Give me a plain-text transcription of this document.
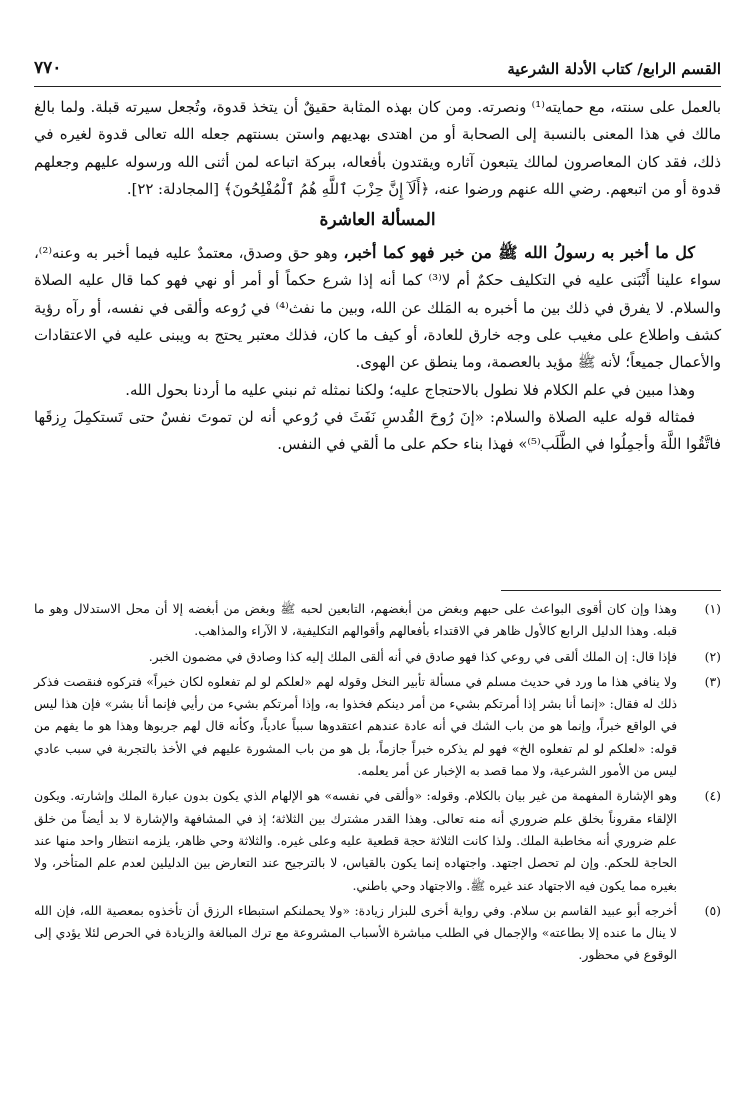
القسم الرابع/ كتاب الأدلة الشرعية
٧٧٠

بالعمل على سنته، مع حمايته⁽¹⁾ ونصرته. ومن كان بهذه المثابة حقيقٌ أن يتخذ قدوة، وتُجعل سيرته قبلة. ولما بالغ مالك في هذا المعنى بالنسبة إلى الصحابة أو من اهتدى بهديهم واستن بسنتهم جعله الله تعالى قدوة لغيره في ذلك، فقد كان المعاصرون لمالك يتبعون آثاره ويقتدون بأفعاله، ببركة اتباعه لمن أثنى الله ورسوله عليهم وجعلهم قدوة أو من اتبعهم. رضي الله عنهم ورضوا عنه، ﴿أَلَآ إِنَّ حِزْبَ ٱللَّهِ هُمُ ٱلْمُفْلِحُونَ﴾ [المجادلة: ٢٢].

المسألة العاشرة

كل ما أخبر به رسولُ الله ﷺ من خبر فهو كما أخبر، وهو حق وصدق، معتمدٌ عليه فيما أخبر به وعنه⁽²⁾، سواء علينا أَنْبَنى عليه في التكليف حكمٌ أم لا⁽³⁾ كما أنه إذا شرع حكماً أو أمر أو نهي فهو كما قال عليه الصلاة والسلام. لا يفرق في ذلك بين ما أخبره به المَلك عن الله، وبين ما نفث⁽⁴⁾ في رُوعه وألقى في نفسه، أو رآه رؤية كشف واطلاع على مغيب على وجه خارق للعادة، أو كيف ما كان، فذلك معتبر يحتج به ويبنى عليه في الاعتقادات والأعمال جميعاً؛ لأنه ﷺ مؤيد بالعصمة، وما ينطق عن الهوى.

وهذا مبين في علم الكلام فلا نطول بالاحتجاج عليه؛ ولكنا نمثله ثم نبني عليه ما أردنا بحول الله.

فمثاله قوله عليه الصلاة والسلام: «إنَ رُوحَ القُدسِ نَفَثَ في رُوعي أنه لن تموتَ نفسٌ حتى تَستكمِلَ رِزقَها فاتَّقُوا اللَّهَ وأجمِلُوا في الطَّلَب⁽⁵⁾» فهذا بناء حكم على ما ألقي في النفس.

(١)
وهذا وإن كان أقوى البواعث على حبهم وبغض من أبغضهم، التابعين لحبه ﷺ وبغض من أبغضه إلا أن محل الاستدلال وهو ما قبله. وهذا الدليل الرابع كالأول ظاهر في الاقتداء بأفعالهم وأقوالهم التكليفية، لا الآراء والمذاهب.
(٢)
فإذا قال: إن الملك ألقى في روعي كذا فهو صادق في أنه ألقى الملك إليه كذا وصادق في مضمون الخبر.
(٣)
ولا ينافي هذا ما ورد في حديث مسلم في مسألة تأبير النخل وقوله لهم «لعلكم لو لم تفعلوه لكان خيراً» فتركوه فنقصت فذكر ذلك له فقال: «إنما أنا بشر إذا أمرتكم بشيء من أمر دينكم فخذوا به، وإذا أمرتكم بشيء من رأيي فإنما أنا بشر» فإن هذا ليس في الواقع خبراً، وإنما هو من باب الشك في أنه عادة عندهم اعتقدوها سبباً عادياً، وكأنه قال لهم جربوها وهذا هو ما يفهم من قوله: «لعلكم لو لم تفعلوه الخ» فهو لم يذكره خبراً جازماً، بل هو من باب المشورة عليهم في الأخذ بالتجربة في سبب عادي ليس من الأمور الشرعية، ولا مما قصد به الإخبار عن أمر يعلمه.
(٤)
وهو الإشارة المفهمة من غير بيان بالكلام. وقوله: «وألقى في نفسه» هو الإلهام الذي يكون بدون عبارة الملك وإشارته. ويكون الإلقاء مقروناً بخلق علم ضروري أنه منه تعالى. وهذا القدر مشترك بين الثلاثة؛ إذ في المشافهة والإشارة لا بد أيضاً من خلق علم ضروري أنه مخاطبة الملك. ولذا كانت الثلاثة حجة قطعية عليه وعلى غيره. والثلاثة وحي ظاهر، يلزمه انتظار واحد منها عند الحاجة للحكم. وإن لم تحصل اجتهد. واجتهاده إنما يكون بالقياس، لا بالترجيح عند التعارض بين الدليلين لعدم علم المتأخر، ولا بغيره مما يكون فيه الاجتهاد عند غيره ﷺ. والاجتهاد وحي باطني.
(٥)
أخرجه أبو عبيد القاسم بن سلام. وفي رواية أخرى للبزار زيادة: «ولا يحملنكم استبطاء الرزق أن تأخذوه بمعصية الله، فإن الله لا ينال ما عنده إلا بطاعته» والإجمال في الطلب مباشرة الأسباب المشروعة مع ترك المبالغة والزيادة في الحرص لئلا يؤدي إلى الوقوع في محظور.
